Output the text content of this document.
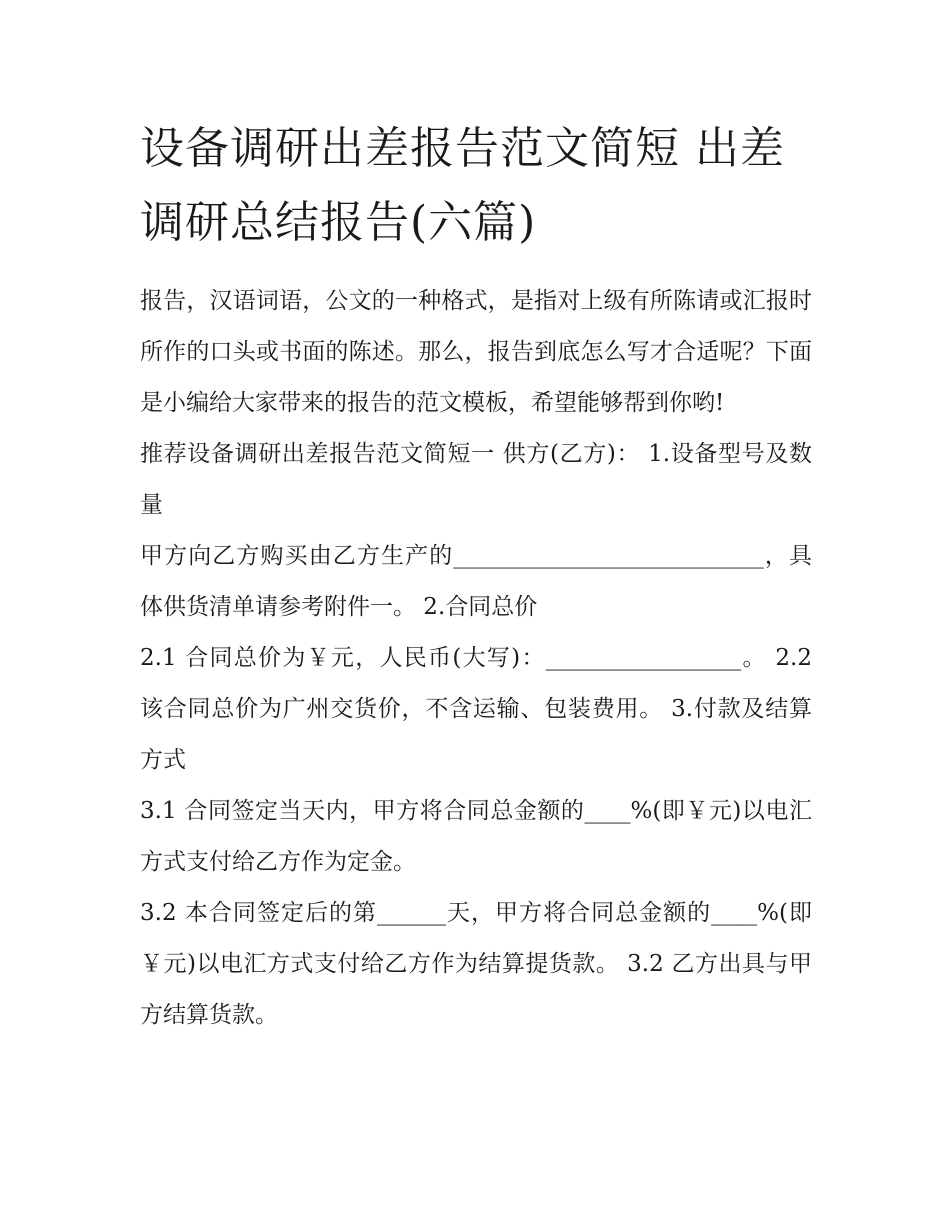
设备调研出差报告范文简短 出差调研总结报告(六篇)

报告，汉语词语，公文的一种格式，是指对上级有所陈请或汇报时所作的口头或书面的陈述。那么，报告到底怎么写才合适呢？下面是小编给大家带来的报告的范文模板，希望能够帮到你哟!

推荐设备调研出差报告范文简短一 供方(乙方)： 1.设备型号及数量

甲方向乙方购买由乙方生产的___________________________，具体供货清单请参考附件一。 2.合同总价

2.1 合同总价为￥元，人民币(大写)：_________________。 2.2 该合同总价为广州交货价，不含运输、包装费用。 3.付款及结算方式

3.1 合同签定当天内，甲方将合同总金额的____%(即￥元)以电汇方式支付给乙方作为定金。

3.2 本合同签定后的第______天，甲方将合同总金额的____%(即￥元)以电汇方式支付给乙方作为结算提货款。 3.2 乙方出具与甲方结算货款。
